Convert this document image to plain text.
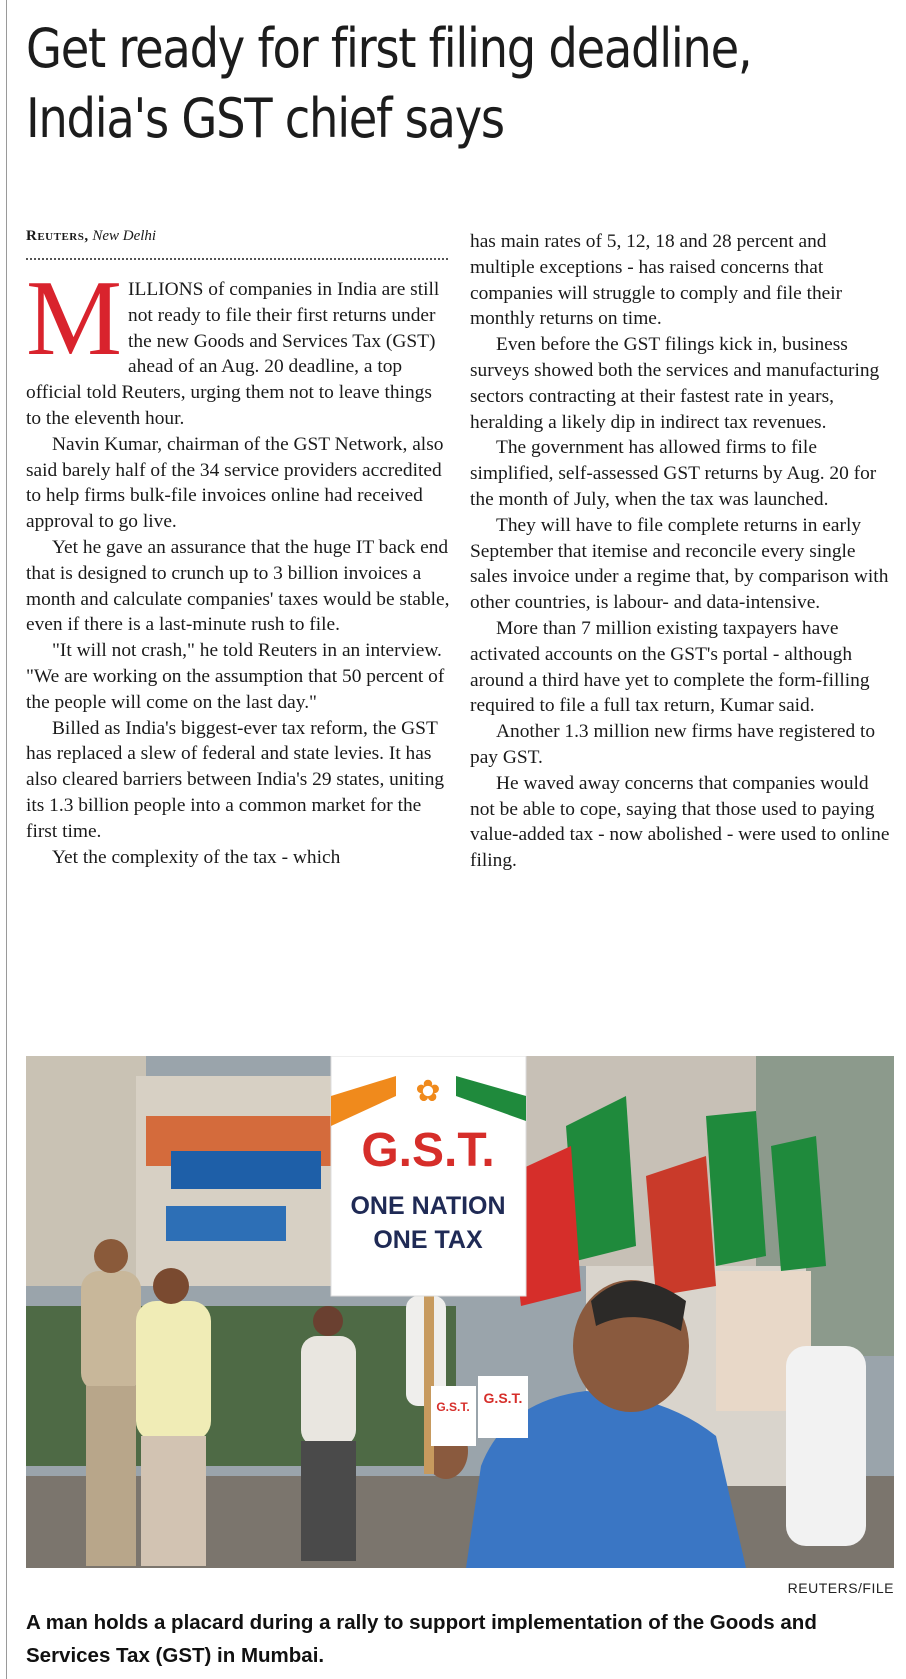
Get ready for first filing deadline,
India's GST chief says
Reuters, New Delhi

MILLIONS of companies in India are still not ready to file their first returns under the new Goods and Services Tax (GST) ahead of an Aug. 20 deadline, a top official told Reuters, urging them not to leave things to the eleventh hour.

Navin Kumar, chairman of the GST Network, also said barely half of the 34 service providers accredited to help firms bulk-file invoices online had received approval to go live.

Yet he gave an assurance that the huge IT back end that is designed to crunch up to 3 billion invoices a month and calculate companies' taxes would be stable, even if there is a last-minute rush to file.

"It will not crash," he told Reuters in an interview. "We are working on the assumption that 50 percent of the people will come on the last day."

Billed as India's biggest-ever tax reform, the GST has replaced a slew of federal and state levies. It has also cleared barriers between India's 29 states, uniting its 1.3 billion people into a common market for the first time.

Yet the complexity of the tax - which

has main rates of 5, 12, 18 and 28 percent and multiple exceptions - has raised concerns that companies will struggle to comply and file their monthly returns on time.

Even before the GST filings kick in, business surveys showed both the services and manufacturing sectors contracting at their fastest rate in years, heralding a likely dip in indirect tax revenues.

The government has allowed firms to file simplified, self-assessed GST returns by Aug. 20 for the month of July, when the tax was launched.

They will have to file complete returns in early September that itemise and reconcile every single sales invoice under a regime that, by comparison with other countries, is labour- and data-intensive.

More than 7 million existing taxpayers have activated accounts on the GST's portal - although around a third have yet to complete the form-filling required to file a full tax return, Kumar said.

Another 1.3 million new firms have registered to pay GST.

He waved away concerns that companies would not be able to cope, saying that those used to paying value-added tax - now abolished - were used to online filing.

✿
G.S.T.
ONE NATION
ONE TAX
G.S.T.
G.S.T.
REUTERS/FILE
A man holds a placard during a rally to support implementation of the Goods and Services Tax (GST) in Mumbai.
